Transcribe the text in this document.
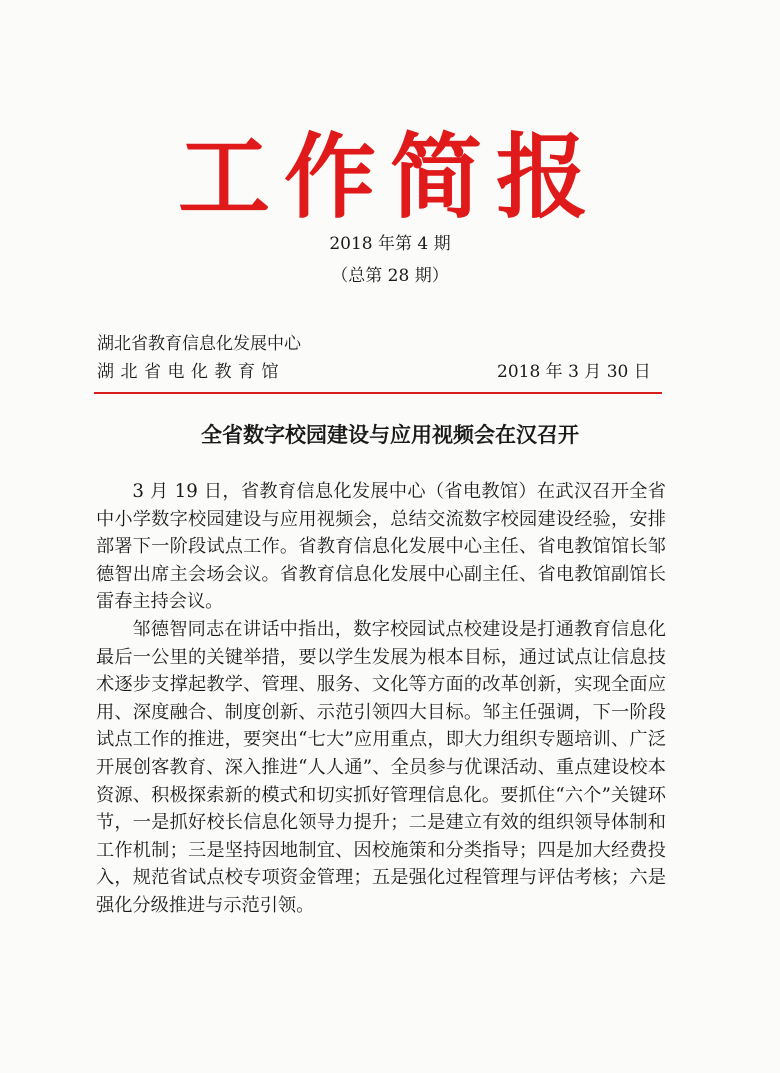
工作简报
2018 年第 4 期
（总第 28 期）
湖北省教育信息化发展中心
湖北省电化教育馆	2018 年 3 月 30 日
全省数字校园建设与应用视频会在汉召开

3 月 19 日，省教育信息化发展中心（省电教馆）在武汉召开全省中小学数字校园建设与应用视频会，总结交流数字校园建设经验，安排部署下一阶段试点工作。省教育信息化发展中心主任、省电教馆馆长邹德智出席主会场会议。省教育信息化发展中心副主任、省电教馆副馆长雷春主持会议。

邹德智同志在讲话中指出，数字校园试点校建设是打通教育信息化最后一公里的关键举措，要以学生发展为根本目标，通过试点让信息技术逐步支撑起教学、管理、服务、文化等方面的改革创新，实现全面应用、深度融合、制度创新、示范引领四大目标。邹主任强调，下一阶段试点工作的推进，要突出“七大”应用重点，即大力组织专题培训、广泛开展创客教育、深入推进“人人通”、全员参与优课活动、重点建设校本资源、积极探索新的模式和切实抓好管理信息化。要抓住“六个”关键环节，一是抓好校长信息化领导力提升；二是建立有效的组织领导体制和工作机制；三是坚持因地制宜、因校施策和分类指导；四是加大经费投入，规范省试点校专项资金管理；五是强化过程管理与评估考核；六是强化分级推进与示范引领。
